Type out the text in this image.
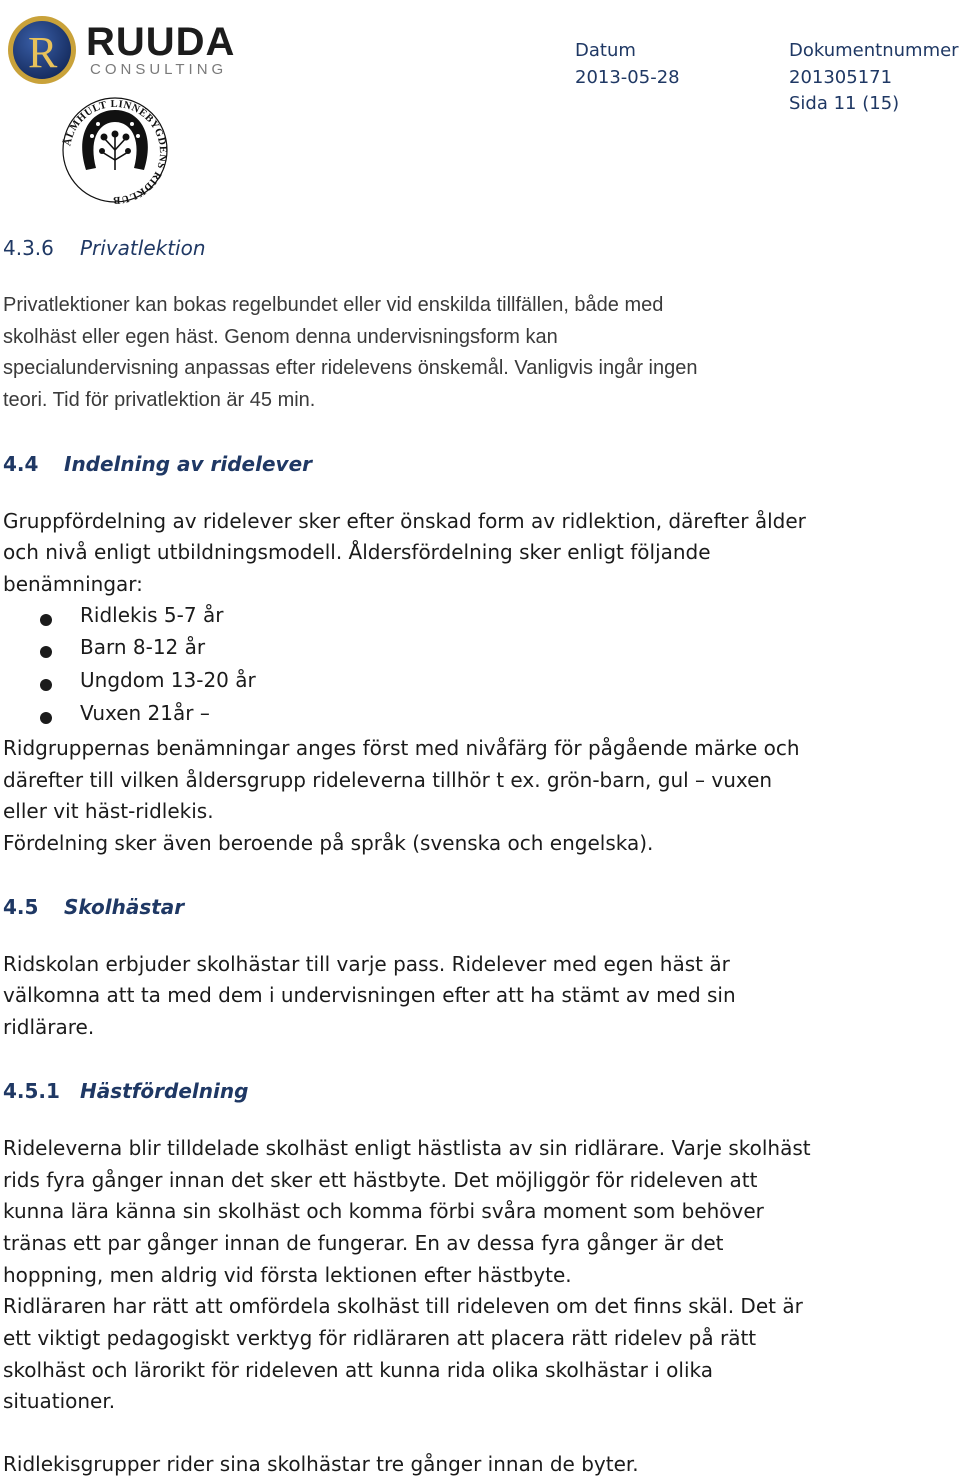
R RUUDA
CONSULTING
ÄLMHULT LINNÉBYGDENS RIDKLUB
Datum
2013-05-28
Dokumentnummer
201305171
Sida 11 (15)
4.3.6 Privatlektion
Privatlektioner kan bokas regelbundet eller vid enskilda tillfällen, både med
skolhäst eller egen häst. Genom denna undervisningsform kan
specialundervisning anpassas efter ridelevens önskemål. Vanligvis ingår ingen
teori. Tid för privatlektion är 45 min.
4.4 Indelning av ridelever
Gruppfördelning av ridelever sker efter önskad form av ridlektion, därefter ålder
och nivå enligt utbildningsmodell. Åldersfördelning sker enligt följande
benämningar:
Ridlekis 5-7 år
Barn 8-12 år
Ungdom 13-20 år
Vuxen 21år –
Ridgruppernas benämningar anges först med nivåfärg för pågående märke och
därefter till vilken åldersgrupp rideleverna tillhör t ex. grön-barn, gul – vuxen
eller vit häst-ridlekis.
Fördelning sker även beroende på språk (svenska och engelska).
4.5 Skolhästar
Ridskolan erbjuder skolhästar till varje pass. Ridelever med egen häst är
välkomna att ta med dem i undervisningen efter att ha stämt av med sin
ridlärare.
4.5.1 Hästfördelning
Rideleverna blir tilldelade skolhäst enligt hästlista av sin ridlärare. Varje skolhäst
rids fyra gånger innan det sker ett hästbyte. Det möjliggör för rideleven att
kunna lära känna sin skolhäst och komma förbi svåra moment som behöver
tränas ett par gånger innan de fungerar. En av dessa fyra gånger är det
hoppning, men aldrig vid första lektionen efter hästbyte.
Ridläraren har rätt att omfördela skolhäst till rideleven om det finns skäl. Det är
ett viktigt pedagogiskt verktyg för ridläraren att placera rätt ridelev på rätt
skolhäst och lärorikt för rideleven att kunna rida olika skolhästar i olika
situationer.
Ridlekisgrupper rider sina skolhästar tre gånger innan de byter.
